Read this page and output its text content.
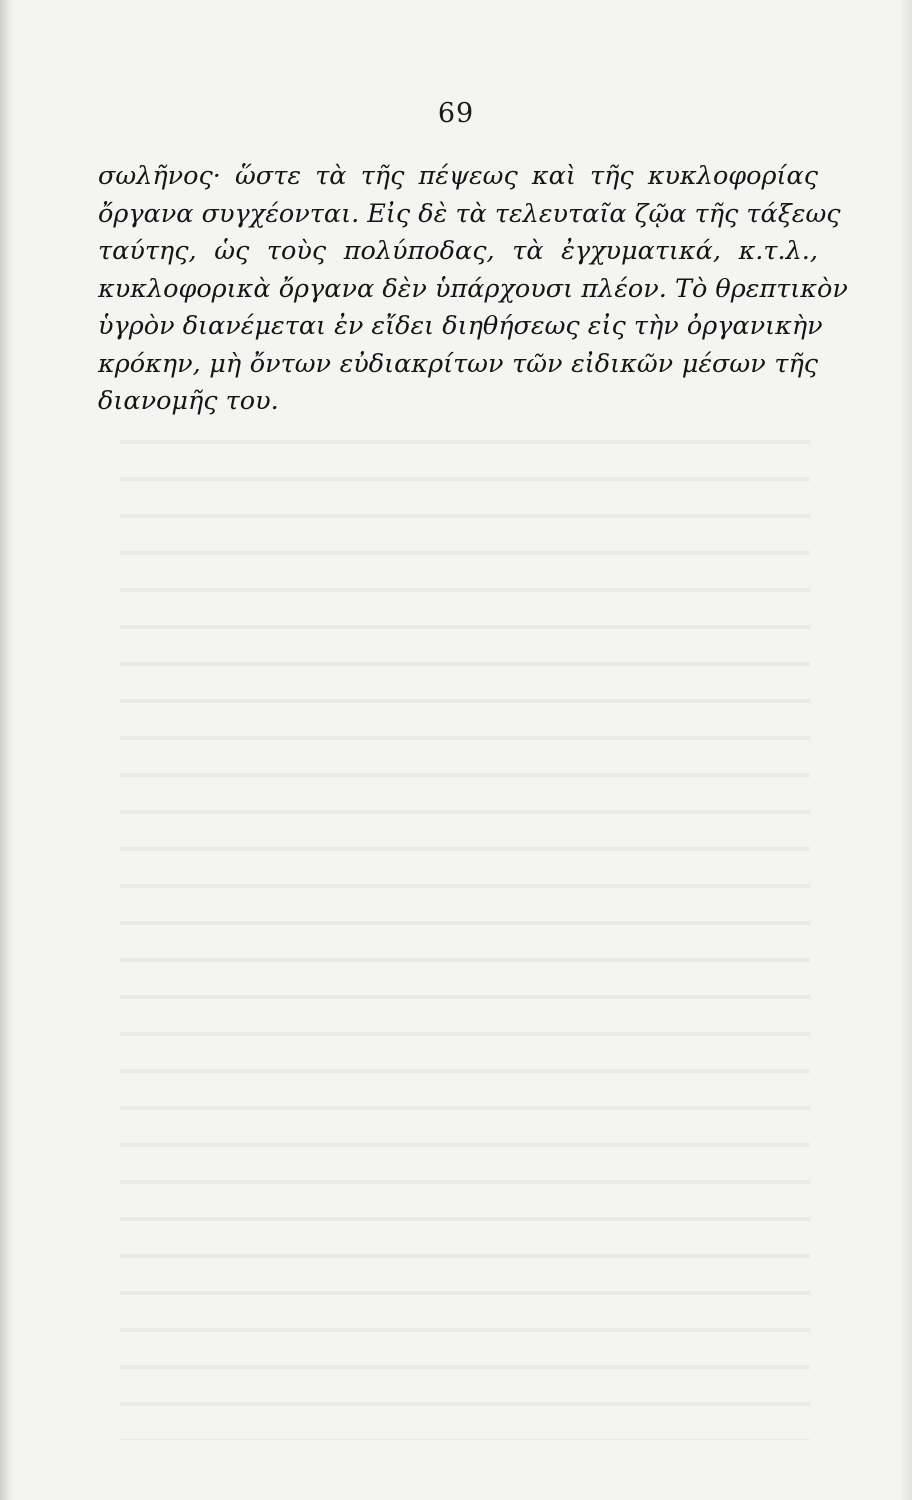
69
σωλῆνος· ὥστε τὰ τῆς πέψεως καὶ τῆς κυκλοφορίας
ὄργανα συγχέονται. Εἰς δὲ τὰ τελευταῖα ζῷα τῆς τάξεως
ταύτης, ὡς τοὺς πολύποδας, τὰ ἐγχυματικά, κ.τ.λ.,
κυκλοφορικὰ ὄργανα δὲν ὑπάρχουσι πλέον. Τὸ θρεπτικὸν
ὑγρὸν διανέμεται ἐν εἴδει διηθήσεως εἰς τὴν ὀργανικὴν
κρόκην, μὴ ὄντων εὐδιακρίτων τῶν εἰδικῶν μέσων τῆς
διανομῆς του.
